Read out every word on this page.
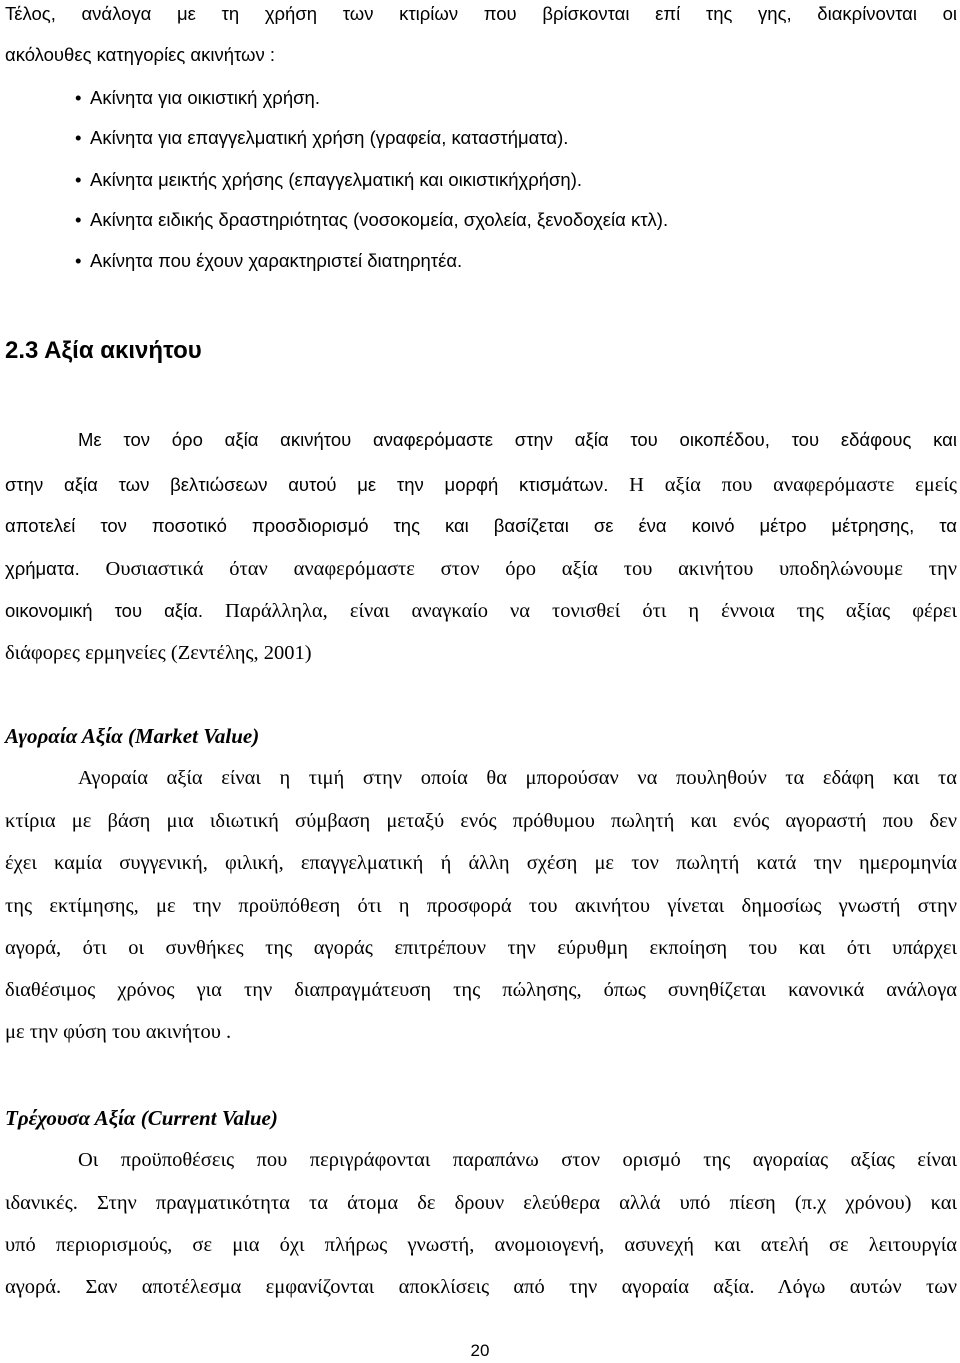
Τέλος, ανάλογα με τη χρήση των κτιρίων που βρίσκονται επί της γης, διακρίνονται οι

ακόλουθες κατηγορίες ακινήτων :

• Ακίνητα για οικιστική χρήση.

• Ακίνητα για επαγγελματική χρήση (γραφεία, καταστήματα).

• Ακίνητα μεικτής χρήσης (επαγγελματική και οικιστικήχρήση).

• Ακίνητα ειδικής δραστηριότητας (νοσοκομεία, σχολεία, ξενοδοχεία κτλ).

• Ακίνητα που έχουν χαρακτηριστεί διατηρητέα.

2.3 Αξία ακινήτου

Με τον όρο αξία ακινήτου αναφερόμαστε στην αξία του οικοπέδου, του εδάφους και

στην αξία των βελτιώσεων αυτού με την μορφή κτισμάτων. Η αξία που αναφερόμαστε εμείς

αποτελεί τον ποσοτικό προσδιορισμό της και βασίζεται σε ένα κοινό μέτρο μέτρησης, τα

χρήματα. Ουσιαστικά όταν αναφερόμαστε στον όρο αξία του ακινήτου υποδηλώνουμε την

οικονομική του αξία. Παράλληλα, είναι αναγκαίο να τονισθεί ότι η έννοια της αξίας φέρει

διάφορες ερμηνείες (Ζεντέλης, 2001)

Αγοραία Αξία (Market Value)

Αγοραία αξία είναι η τιμή στην οποία θα μπορούσαν να πουληθούν τα εδάφη και τα

κτίρια με βάση μια ιδιωτική σύμβαση μεταξύ ενός πρόθυμου πωλητή και ενός αγοραστή που δεν

έχει καμία συγγενική, φιλική, επαγγελματική ή άλλη σχέση με τον πωλητή κατά την ημερομηνία

της εκτίμησης, με την προϋπόθεση ότι η προσφορά του ακινήτου γίνεται δημοσίως γνωστή στην

αγορά, ότι οι συνθήκες της αγοράς επιτρέπουν την εύρυθμη εκποίηση του και ότι υπάρχει

διαθέσιμος χρόνος για την διαπραγμάτευση της πώλησης, όπως συνηθίζεται κανονικά ανάλογα

με την φύση του ακινήτου .

Τρέχουσα Αξία (Current Value)

Οι προϋποθέσεις που περιγράφονται παραπάνω στον ορισμό της αγοραίας αξίας είναι

ιδανικές. Στην πραγματικότητα τα άτομα δε δρουν ελεύθερα αλλά υπό πίεση (π.χ χρόνου) και

υπό περιορισμούς, σε μια όχι πλήρως γνωστή, ανομοιογενή, ασυνεχή και ατελή σε λειτουργία

αγορά. Σαν αποτέλεσμα εμφανίζονται αποκλίσεις από την αγοραία αξία. Λόγω αυτών των

20
